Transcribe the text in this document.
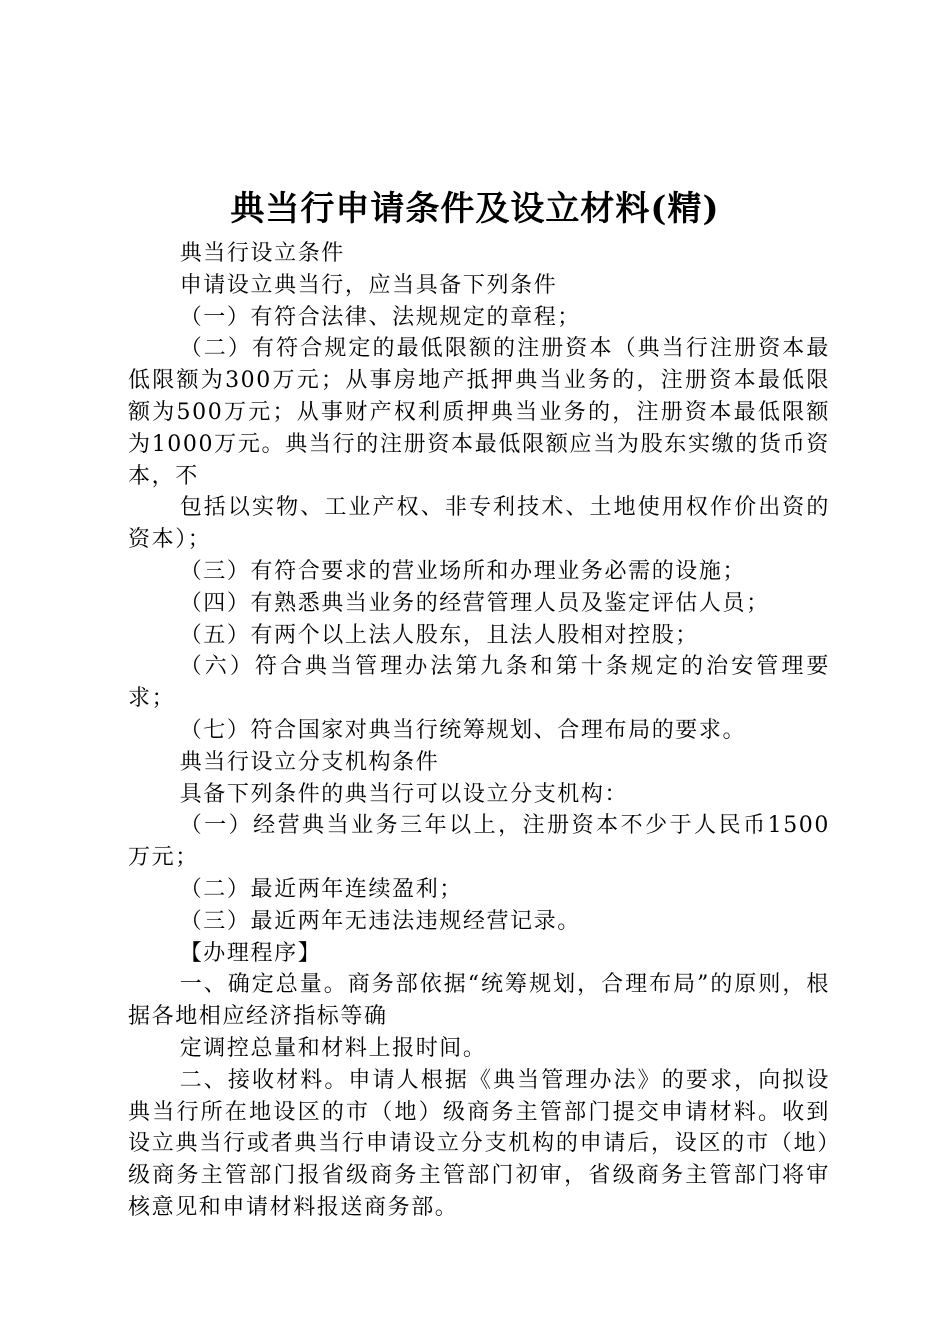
典当行申请条件及设立材料(精)

典当行设立条件

申请设立典当行，应当具备下列条件

（一）有符合法律、法规规定的章程；

（二）有符合规定的最低限额的注册资本（典当行注册资本最低限额为300万元；从事房地产抵押典当业务的，注册资本最低限额为500万元；从事财产权利质押典当业务的，注册资本最低限额为1000万元。典当行的注册资本最低限额应当为股东实缴的货币资本，不

包括以实物、工业产权、非专利技术、土地使用权作价出资的资本）；

（三）有符合要求的营业场所和办理业务必需的设施；

（四）有熟悉典当业务的经营管理人员及鉴定评估人员；

（五）有两个以上法人股东，且法人股相对控股；

（六）符合典当管理办法第九条和第十条规定的治安管理要求；

（七）符合国家对典当行统筹规划、合理布局的要求。

典当行设立分支机构条件

具备下列条件的典当行可以设立分支机构：

（一）经营典当业务三年以上，注册资本不少于人民币1500万元；

（二）最近两年连续盈利；

（三）最近两年无违法违规经营记录。

【办理程序】

一、确定总量。商务部依据“统筹规划，合理布局”的原则，根据各地相应经济指标等确

定调控总量和材料上报时间。

二、接收材料。申请人根据《典当管理办法》的要求，向拟设典当行所在地设区的市（地）级商务主管部门提交申请材料。收到设立典当行或者典当行申请设立分支机构的申请后，设区的市（地）级商务主管部门报省级商务主管部门初审，省级商务主管部门将审核意见和申请材料报送商务部。
